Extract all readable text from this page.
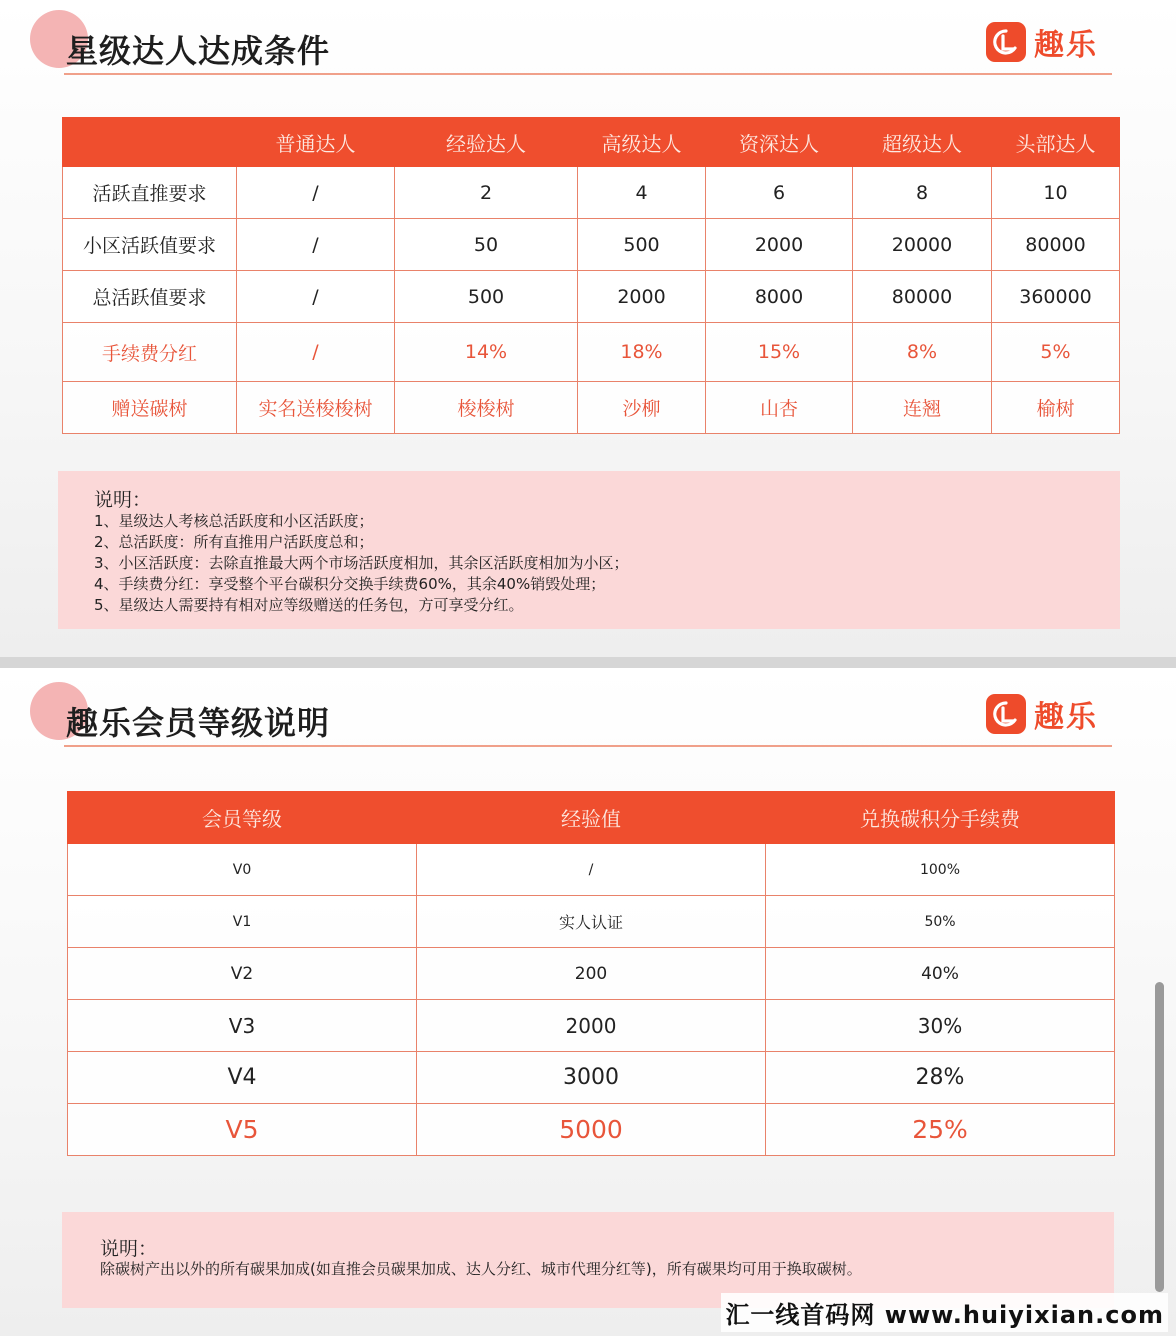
星级达人达成条件	趣乐
	普通达人	经验达人	高级达人	资深达人	超级达人	头部达人
活跃直推要求	/	2	4	6	8	10
小区活跃值要求	/	50	500	2000	20000	80000
总活跃值要求	/	500	2000	8000	80000	360000
手续费分红	/	14%	18%	15%	8%	5%
赠送碳树	实名送梭梭树	梭梭树	沙柳	山杏	连翘	榆树
说明：
1、星级达人考核总活跃度和小区活跃度；
2、总活跃度：所有直推用户活跃度总和；
3、小区活跃度：去除直推最大两个市场活跃度相加，其余区活跃度相加为小区；
4、手续费分红：享受整个平台碳积分交换手续费60%，其余40%销毁处理；
5、星级达人需要持有相对应等级赠送的任务包，方可享受分红。
趣乐会员等级说明	趣乐
会员等级	经验值	兑换碳积分手续费
V0	/	100%
V1	实人认证	50%
V2	200	40%
V3	2000	30%
V4	3000	28%
V5	5000	25%
说明：
除碳树产出以外的所有碳果加成(如直推会员碳果加成、达人分红、城市代理分红等)，所有碳果均可用于换取碳树。
汇一线首码网 www.huiyixian.com
